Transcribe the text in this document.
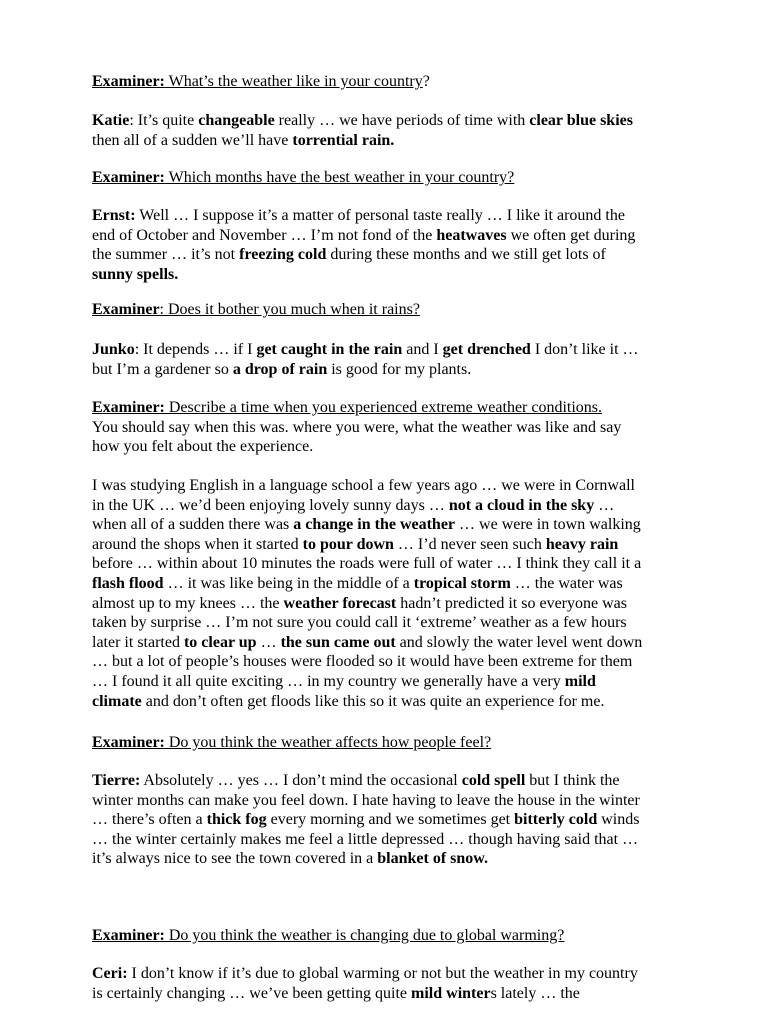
Examiner: What’s the weather like in your country?

Katie: It’s quite changeable really … we have periods of time with clear blue skies
then all of a sudden we’ll have torrential rain.

Examiner: Which months have the best weather in your country?

Ernst: Well … I suppose it’s a matter of personal taste really … I like it around the
end of October and November … I’m not fond of the heatwaves we often get during
the summer … it’s not freezing cold during these months and we still get lots of
sunny spells.

Examiner: Does it bother you much when it rains?

Junko: It depends … if I get caught in the rain and I get drenched I don’t like it …
but I’m a gardener so a drop of rain is good for my plants.

Examiner: Describe a time when you experienced extreme weather conditions.
You should say when this was. where you were, what the weather was like and say
how you felt about the experience.

I was studying English in a language school a few years ago … we were in Cornwall
in the UK … we’d been enjoying lovely sunny days … not a cloud in the sky …
when all of a sudden there was a change in the weather … we were in town walking
around the shops when it started to pour down … I’d never seen such heavy rain
before … within about 10 minutes the roads were full of water … I think they call it a
flash flood … it was like being in the middle of a tropical storm … the water was
almost up to my knees … the weather forecast hadn’t predicted it so everyone was
taken by surprise … I’m not sure you could call it ‘extreme’ weather as a few hours
later it started to clear up … the sun came out and slowly the water level went down
… but a lot of people’s houses were flooded so it would have been extreme for them
… I found it all quite exciting … in my country we generally have a very mild
climate and don’t often get floods like this so it was quite an experience for me.

Examiner: Do you think the weather affects how people feel?

Tierre: Absolutely … yes … I don’t mind the occasional cold spell but I think the
winter months can make you feel down. I hate having to leave the house in the winter
… there’s often a thick fog every morning and we sometimes get bitterly cold winds
… the winter certainly makes me feel a little depressed … though having said that …
it’s always nice to see the town covered in a blanket of snow.

Examiner: Do you think the weather is changing due to global warming?

Ceri: I don’t know if it’s due to global warming or not but the weather in my country
is certainly changing … we’ve been getting quite mild winters lately … the
